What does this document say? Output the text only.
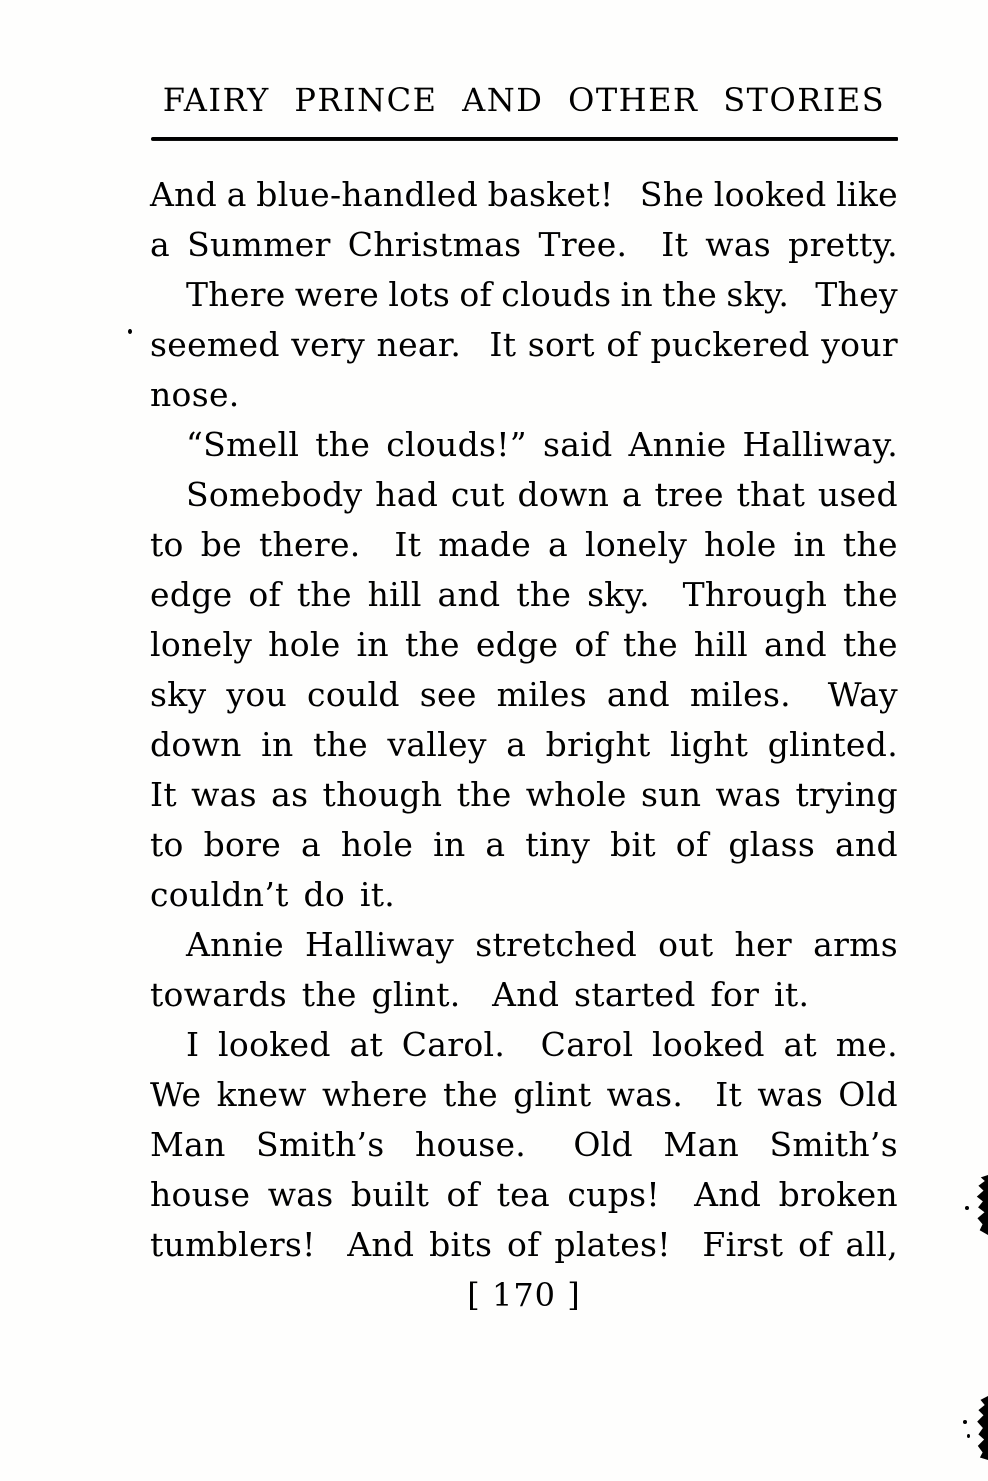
FAIRY PRINCE AND OTHER STORIES
And a blue-handled basket!  She looked like
a Summer Christmas Tree.  It was pretty.
There were lots of clouds in the sky.  They
seemed very near.  It sort of puckered your
nose.
“Smell the clouds!” said Annie Halliway.
Somebody had cut down a tree that used
to be there.  It made a lonely hole in the
edge of the hill and the sky.  Through the
lonely hole in the edge of the hill and the
sky you could see miles and miles.  Way
down in the valley a bright light glinted.
It was as though the whole sun was trying
to bore a hole in a tiny bit of glass and
couldn’t do it.
Annie Halliway stretched out her arms
towards the glint.  And started for it.
I looked at Carol.  Carol looked at me.
We knew where the glint was.  It was Old
Man Smith’s house.  Old Man Smith’s
house was built of tea cups!  And broken
tumblers!  And bits of plates!  First of all,
[ 170 ]
